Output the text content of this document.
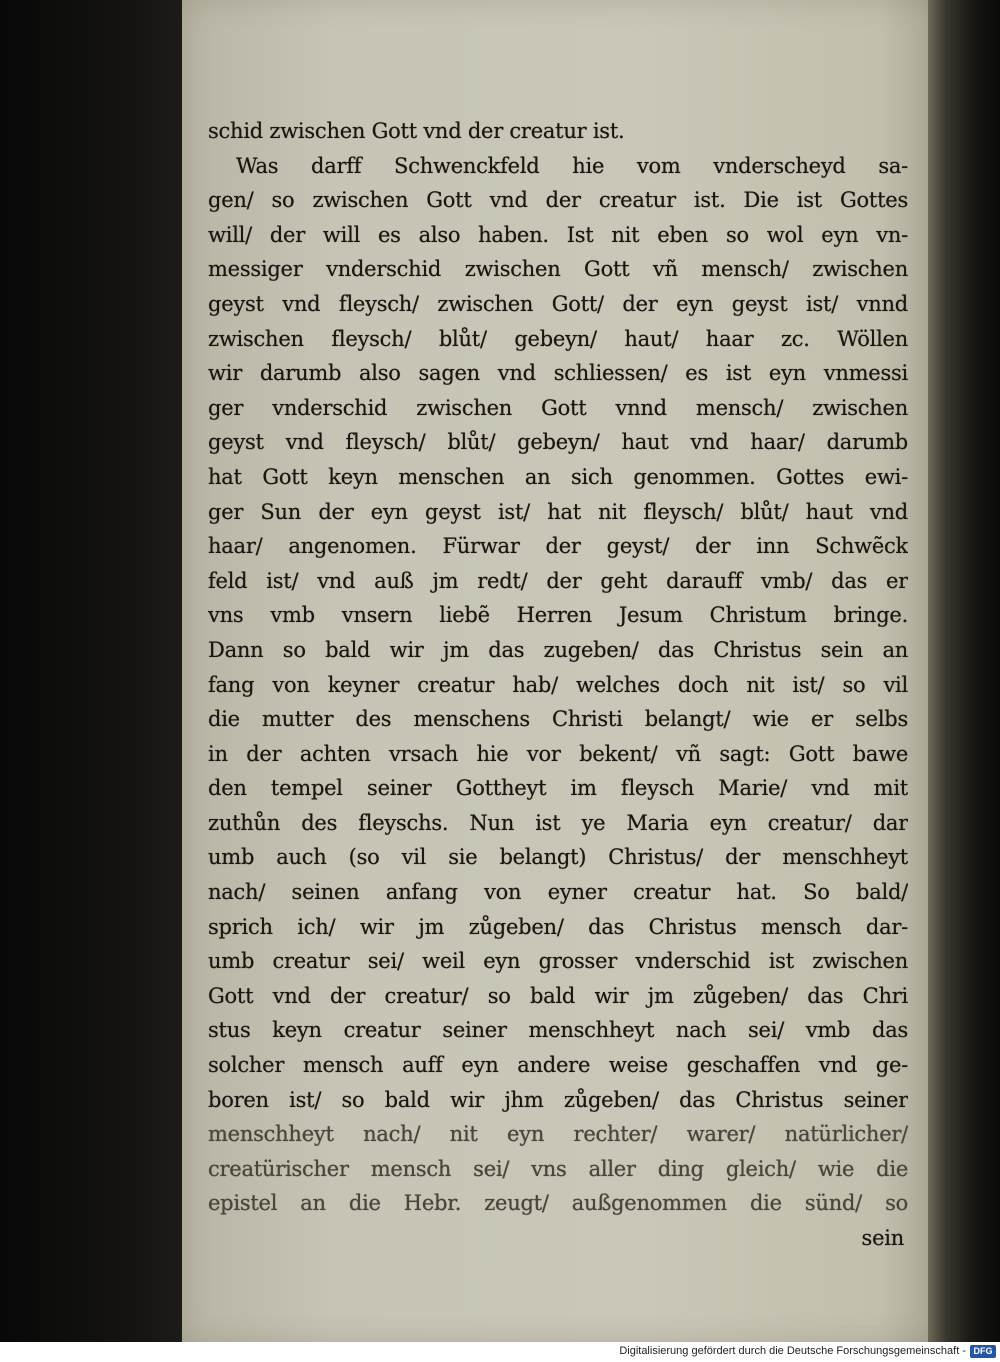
schid zwischen Gott vnd der creatur ist.
Was darff Schwenckfeld hie vom vnderscheyd sa-
gen/ so zwischen Gott vnd der creatur ist. Die ist Gottes
will/ der will es also haben. Ist nit eben so wol eyn vn-
messiger vnderschid zwischen Gott vñ mensch/ zwischen
geyst vnd fleysch/ zwischen Gott/ der eyn geyst ist/ vnnd
zwischen fleysch/ blůt/ gebeyn/ haut/ haar zc. Wöllen
wir darumb also sagen vnd schliessen/ es ist eyn vnmessi
ger vnderschid zwischen Gott vnnd mensch/ zwischen
geyst vnd fleysch/ blůt/ gebeyn/ haut vnd haar/ darumb
hat Gott keyn menschen an sich genommen. Gottes ewi-
ger Sun der eyn geyst ist/ hat nit fleysch/ blůt/ haut vnd
haar/ angenomen. Fürwar der geyst/ der inn Schwẽck
feld ist/ vnd auß jm redt/ der geht darauff vmb/ das er
vns vmb vnsern liebẽ Herren Jesum Christum bringe.
Dann so bald wir jm das zugeben/ das Christus sein an
fang von keyner creatur hab/ welches doch nit ist/ so vil
die mutter des menschens Christi belangt/ wie er selbs
in der achten vrsach hie vor bekent/ vñ sagt: Gott bawe
den tempel seiner Gottheyt im fleysch Marie/ vnd mit
zuthůn des fleyschs. Nun ist ye Maria eyn creatur/ dar
umb auch (so vil sie belangt) Christus/ der menschheyt
nach/ seinen anfang von eyner creatur hat. So bald/
sprich ich/ wir jm zůgeben/ das Christus mensch dar-
umb creatur sei/ weil eyn grosser vnderschid ist zwischen
Gott vnd der creatur/ so bald wir jm zůgeben/ das Chri
stus keyn creatur seiner menschheyt nach sei/ vmb das
solcher mensch auff eyn andere weise geschaffen vnd ge-
boren ist/ so bald wir jhm zůgeben/ das Christus seiner
menschheyt nach/ nit eyn rechter/ warer/ natürlicher/
creatürischer mensch sei/ vns aller ding gleich/ wie die
epistel an die Hebr. zeugt/ außgenommen die sünd/ so
sein
Digitalisierung gefördert durch die Deutsche Forschungsgemeinschaft - DFG
